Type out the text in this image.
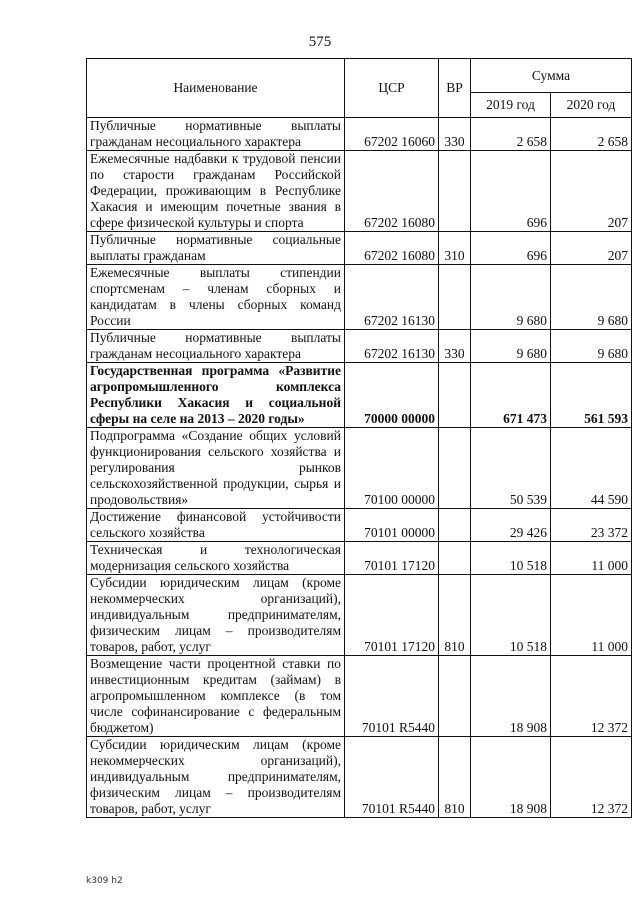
575
Наименование	ЦСР	ВР	Сумма	
			2019 год	2020 год
Публичные нормативные выплаты гражданам несоциального характера	67202 16060	330	2 658	2 658
Ежемесячные надбавки к трудовой пенсии по старости гражданам Российской Федерации, проживающим в Республике Хакасия и имеющим почетные звания в сфере физической культуры и спорта	67202 16080		696	207
Публичные нормативные социальные выплаты гражданам	67202 16080	310	696	207
Ежемесячные выплаты стипендии спортсменам – членам сборных и кандидатам в члены сборных команд России	67202 16130		9 680	9 680
Публичные нормативные выплаты гражданам несоциального характера	67202 16130	330	9 680	9 680
Государственная программа «Развитие агропромышленного комплекса Республики Хакасия и социальной сферы на селе на 2013 – 2020 годы»	70000 00000		671 473	561 593
Подпрограмма «Создание общих условий функционирования сельского хозяйства и регулирования рынков сельскохозяйственной продукции, сырья и продовольствия»	70100 00000		50 539	44 590
Достижение финансовой устойчивости сельского хозяйства	70101 00000		29 426	23 372
Техническая и технологическая модернизация сельского хозяйства	70101 17120		10 518	11 000
Субсидии юридическим лицам (кроме некоммерческих организаций), индивидуальным предпринимателям, физическим лицам – производителям товаров, работ, услуг	70101 17120	810	10 518	11 000
Возмещение части процентной ставки по инвестиционным кредитам (займам) в агропромышленном комплексе (в том числе софинансирование с федеральным бюджетом)	70101 R5440		18 908	12 372
Субсидии юридическим лицам (кроме некоммерческих организаций), индивидуальным предпринимателям, физическим лицам – производителям товаров, работ, услуг	70101 R5440	810	18 908	12 372
k309 h2
